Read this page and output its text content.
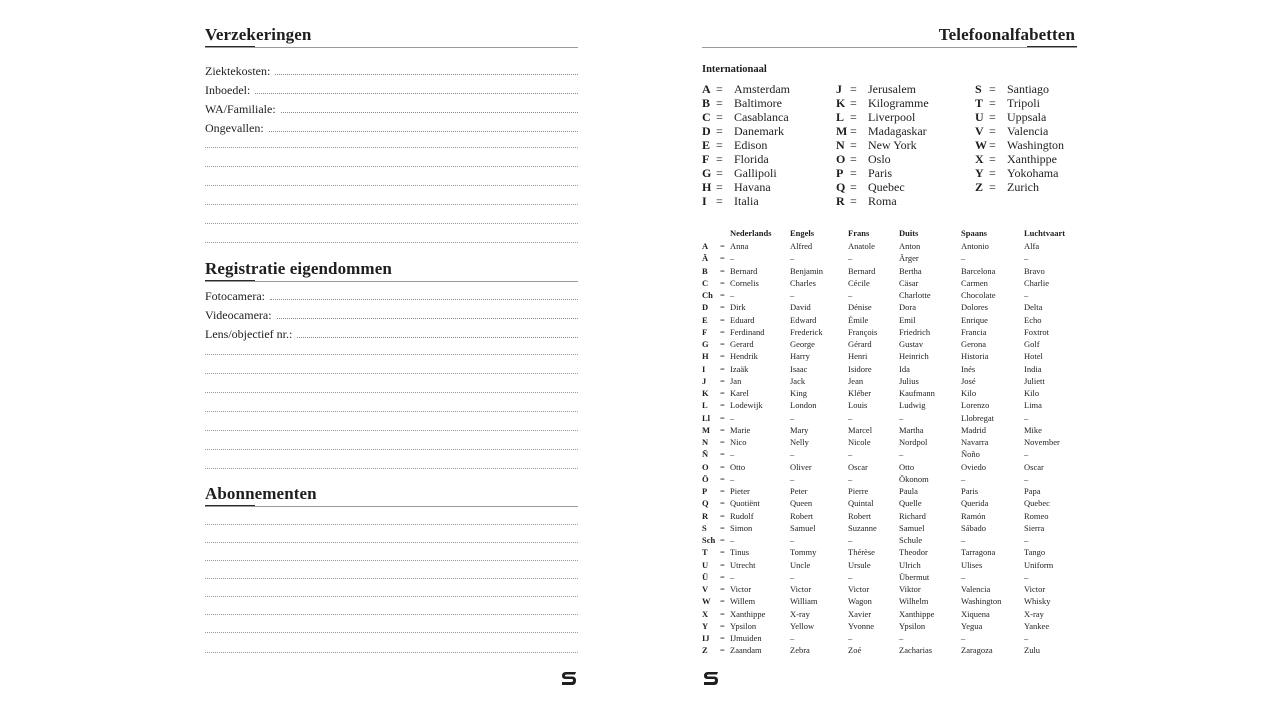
Verzekeringen
Ziektekosten:
Inboedel:
WA/Familiale:
Ongevallen:
Registratie eigendommen
Fotocamera:
Videocamera:
Lens/objectief nr.:
Abonnementen
Telefoonalfabetten
Internationaal
A = Amsterdam
B = Baltimore
C = Casablanca
D = Danemark
E = Edison
F = Florida
G = Gallipoli
H = Havana
I = Italia
J = Jerusalem
K = Kilogramme
L = Liverpool
M = Madagaskar
N = New York
O = Oslo
P = Paris
Q = Quebec
R = Roma
S = Santiago
T = Tripoli
U = Uppsala
V = Valencia
W = Washington
X = Xanthippe
Y = Yokohama
Z = Zurich
Nederlands Engels	Frans	Duits	Spaans	Luchtvaart
A = Anna	Alfred	Anatole	Anton	Antonio	Alfa
Ä = –	–	–	Ärger	–	–
B = Bernard	Benjamin	Bernard	Bertha	Barcelona	Bravo
C = Cornelis	Charles	Cécile	Cäsar	Carmen	Charlie
Ch = –	–	–	Charlotte	Chocolate	–
D = Dirk	David	Dénise	Dora	Dolores	Delta
E = Eduard	Edward	Émile	Emil	Enrique	Echo
F = Ferdinand	Frederick	François	Friedrich	Francia	Foxtrot
G = Gerard	George	Gérard	Gustav	Gerona	Golf
H = Hendrik	Harry	Henri	Heinrich	Historia	Hotel
I = Izaäk	Isaac	Isidore	Ida	Inés	India
J = Jan	Jack	Jean	Julius	José	Juliett
K = Karel	King	Kléber	Kaufmann	Kilo	Kilo
L = Lodewijk	London	Louis	Ludwig	Lorenzo	Lima
Ll = –	–	–	–	Llobregat	–
M = Marie	Mary	Marcel	Martha	Madrid	Mike
N = Nico	Nelly	Nicole	Nordpol	Navarra	November
Ñ = –	–	–	–	Ñoño	–
O = Otto	Oliver	Oscar	Otto	Oviedo	Oscar
Ö = –	–	–	Ökonom	–	–
P = Pieter	Peter	Pierre	Paula	Paris	Papa
Q = Quotiënt	Queen	Quintal	Quelle	Querida	Quebec
R = Rudolf	Robert	Robert	Richard	Ramón	Romeo
S = Simon	Samuel	Suzanne	Samuel	Sábado	Sierra
Sch = –	–	–	Schule	–	–
T = Tinus	Tommy	Thérèse	Theodor	Tarragona	Tango
U = Utrecht	Uncle	Ursule	Ulrich	Ulises	Uniform
Ü = –	–	–	Übermut	–	–
V = Victor	Victor	Victor	Viktor	Valencia	Victor
W = Willem	William	Wagon	Wilhelm	Washington	Whisky
X = Xanthippe	X-ray	Xavier	Xanthippe	Xiquena	X-ray
Y = Ypsilon	Yellow	Yvonne	Ypsilon	Yegua	Yankee
IJ = IJmuiden	–	–	–	–	–
Z = Zaandam	Zebra	Zoé	Zacharias	Zaragoza	Zulu
